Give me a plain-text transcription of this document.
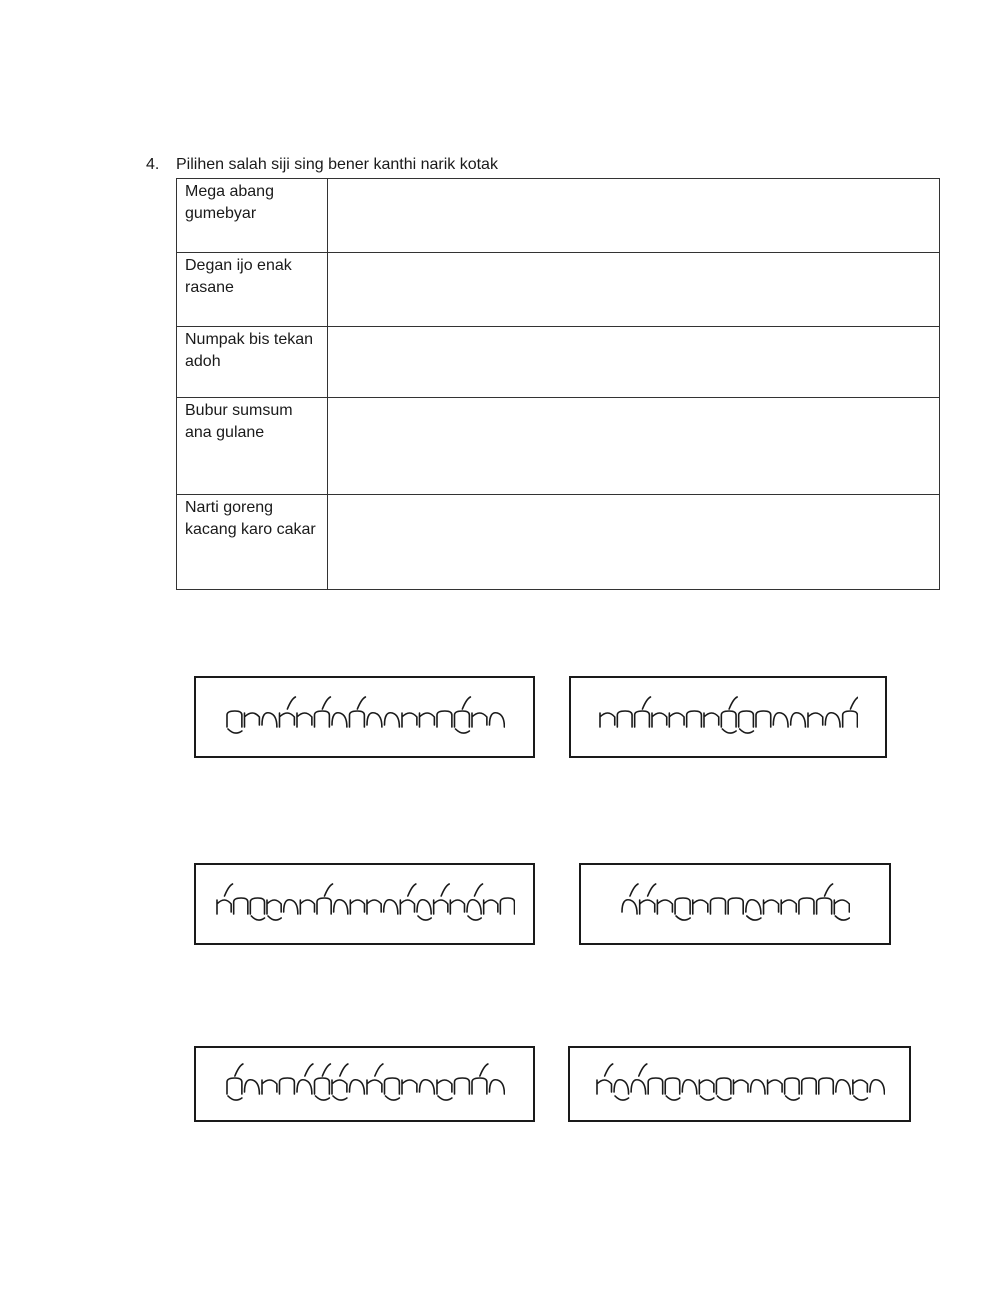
4. Pilihen salah siji sing bener kanthi narik kotak
Mega abang gumebyar	
Degan ijo enak rasane	
Numpak bis tekan adoh	
Bubur sumsum ana gulane	
Narti goreng kacang karo cakar	
